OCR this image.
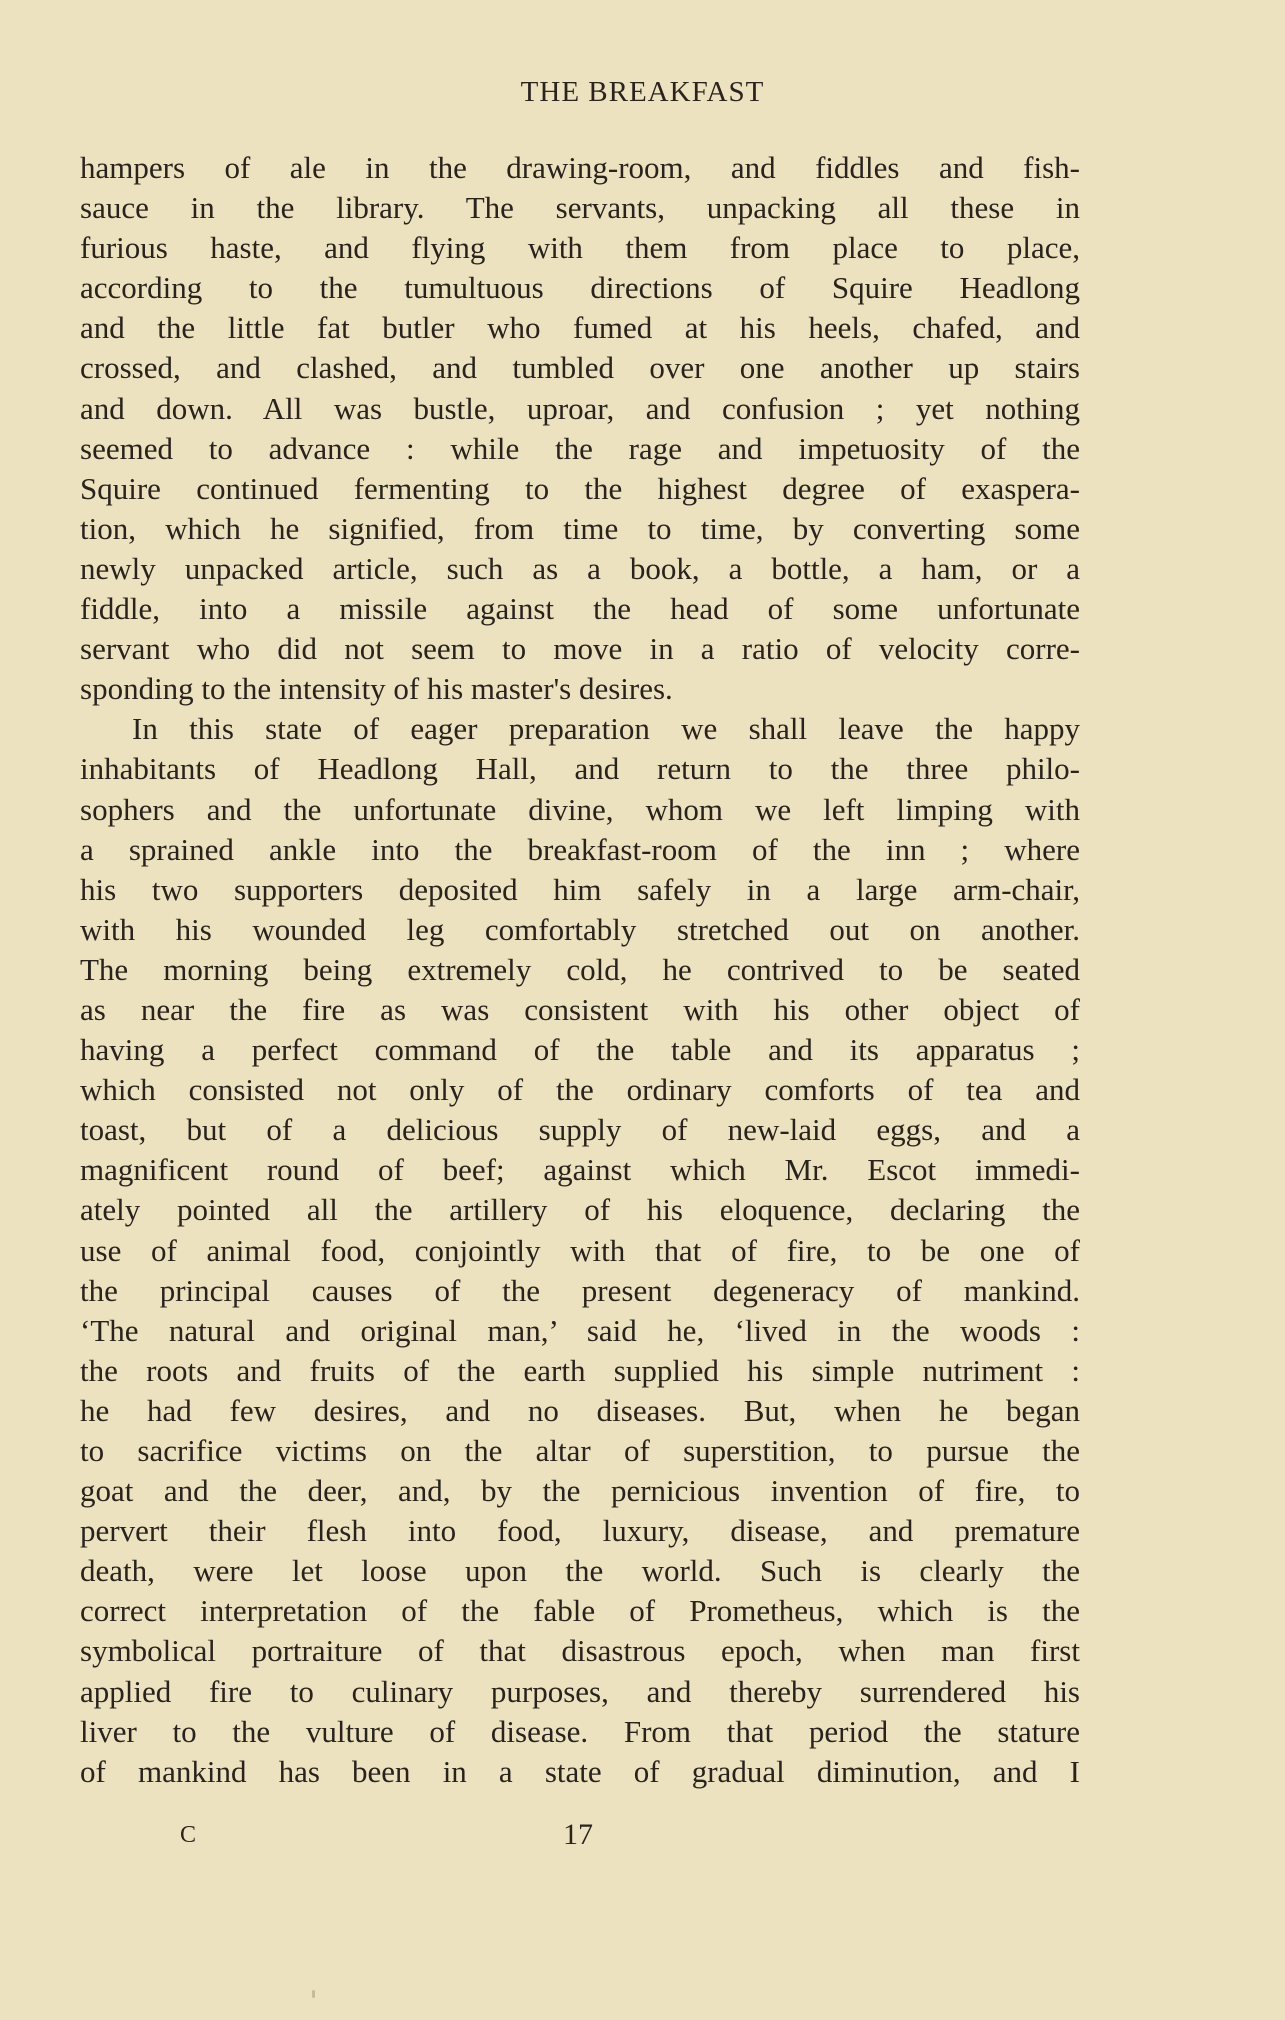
THE BREAKFAST
hampers of ale in the drawing-room, and fiddles and fish-
sauce in the library. The servants, unpacking all these in
furious haste, and flying with them from place to place,
according to the tumultuous directions of Squire Headlong
and the little fat butler who fumed at his heels, chafed, and
crossed, and clashed, and tumbled over one another up stairs
and down. All was bustle, uproar, and confusion ; yet nothing
seemed to advance : while the rage and impetuosity of the
Squire continued fermenting to the highest degree of exaspera-
tion, which he signified, from time to time, by converting some
newly unpacked article, such as a book, a bottle, a ham, or a
fiddle, into a missile against the head of some unfortunate
servant who did not seem to move in a ratio of velocity corre-
sponding to the intensity of his master's desires.
In this state of eager preparation we shall leave the happy
inhabitants of Headlong Hall, and return to the three philo-
sophers and the unfortunate divine, whom we left limping with
a sprained ankle into the breakfast-room of the inn ; where
his two supporters deposited him safely in a large arm-chair,
with his wounded leg comfortably stretched out on another.
The morning being extremely cold, he contrived to be seated
as near the fire as was consistent with his other object of
having a perfect command of the table and its apparatus ;
which consisted not only of the ordinary comforts of tea and
toast, but of a delicious supply of new-laid eggs, and a
magnificent round of beef; against which Mr. Escot immedi-
ately pointed all the artillery of his eloquence, declaring the
use of animal food, conjointly with that of fire, to be one of
the principal causes of the present degeneracy of mankind.
‘The natural and original man,’ said he, ‘lived in the woods :
the roots and fruits of the earth supplied his simple nutriment :
he had few desires, and no diseases. But, when he began
to sacrifice victims on the altar of superstition, to pursue the
goat and the deer, and, by the pernicious invention of fire, to
pervert their flesh into food, luxury, disease, and premature
death, were let loose upon the world. Such is clearly the
correct interpretation of the fable of Prometheus, which is the
symbolical portraiture of that disastrous epoch, when man first
applied fire to culinary purposes, and thereby surrendered his
liver to the vulture of disease. From that period the stature
of mankind has been in a state of gradual diminution, and I
C	17
